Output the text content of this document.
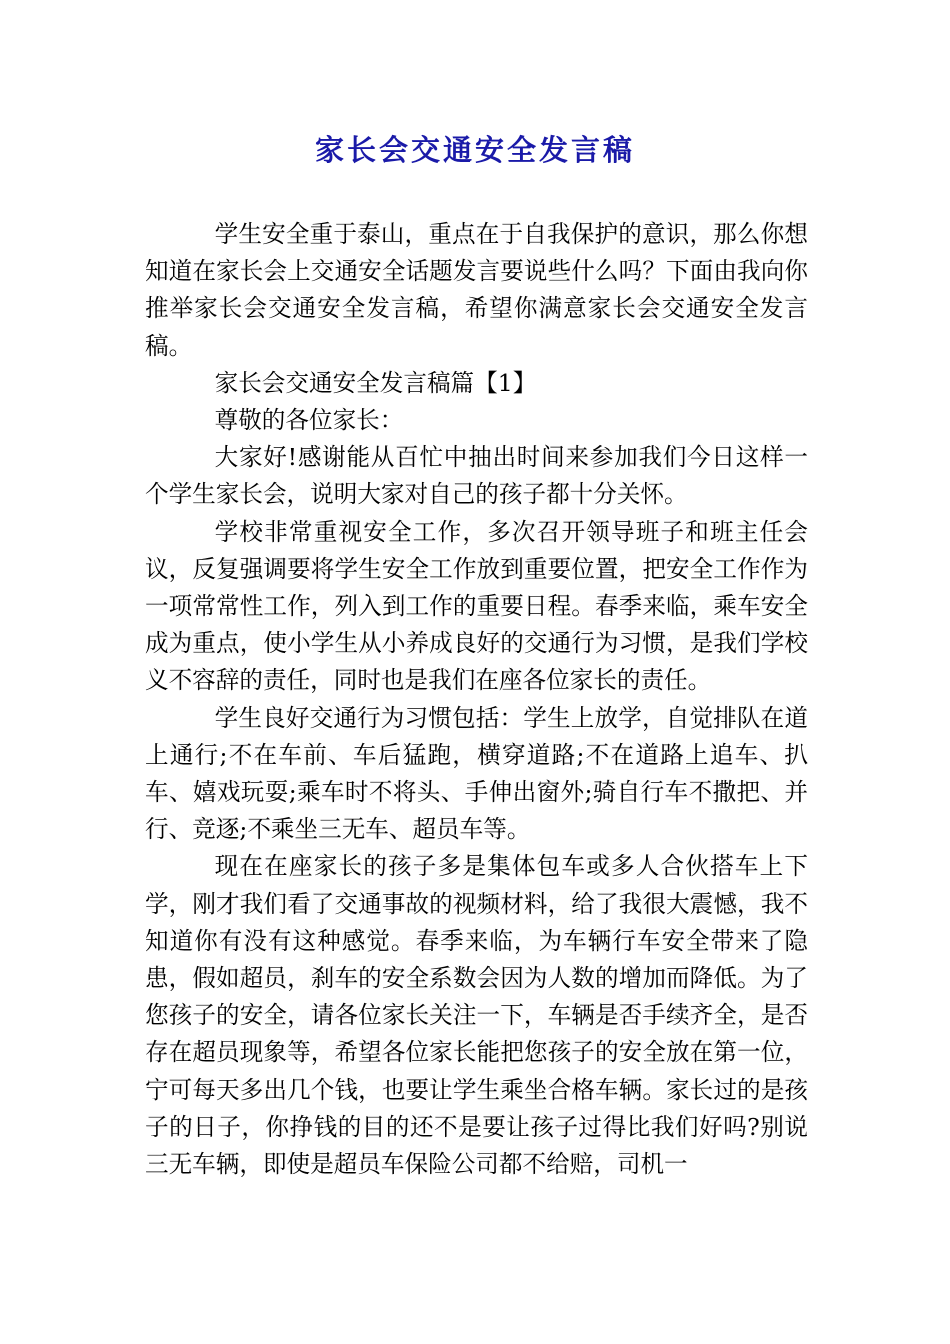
家长会交通安全发言稿

学生安全重于泰山，重点在于自我保护的意识，那么你想知道在家长会上交通安全话题发言要说些什么吗？下面由我向你推举家长会交通安全发言稿，希望你满意家长会交通安全发言稿。

家长会交通安全发言稿篇【1】

尊敬的各位家长：

大家好!感谢能从百忙中抽出时间来参加我们今日这样一个学生家长会，说明大家对自己的孩子都十分关怀。

学校非常重视安全工作，多次召开领导班子和班主任会议，反复强调要将学生安全工作放到重要位置，把安全工作作为一项常常性工作，列入到工作的重要日程。春季来临，乘车安全成为重点，使小学生从小养成良好的交通行为习惯，是我们学校义不容辞的责任，同时也是我们在座各位家长的责任。

学生良好交通行为习惯包括：学生上放学，自觉排队在道上通行;不在车前、车后猛跑，横穿道路;不在道路上追车、扒车、嬉戏玩耍;乘车时不将头、手伸出窗外;骑自行车不撒把、并行、竞逐;不乘坐三无车、超员车等。

现在在座家长的孩子多是集体包车或多人合伙搭车上下学，刚才我们看了交通事故的视频材料，给了我很大震憾，我不知道你有没有这种感觉。春季来临，为车辆行车安全带来了隐患，假如超员，刹车的安全系数会因为人数的增加而降低。为了您孩子的安全，请各位家长关注一下，车辆是否手续齐全，是否存在超员现象等，希望各位家长能把您孩子的安全放在第一位，宁可每天多出几个钱，也要让学生乘坐合格车辆。家长过的是孩子的日子，你挣钱的目的还不是要让孩子过得比我们好吗?别说三无车辆，即使是超员车保险公司都不给赔，司机一
